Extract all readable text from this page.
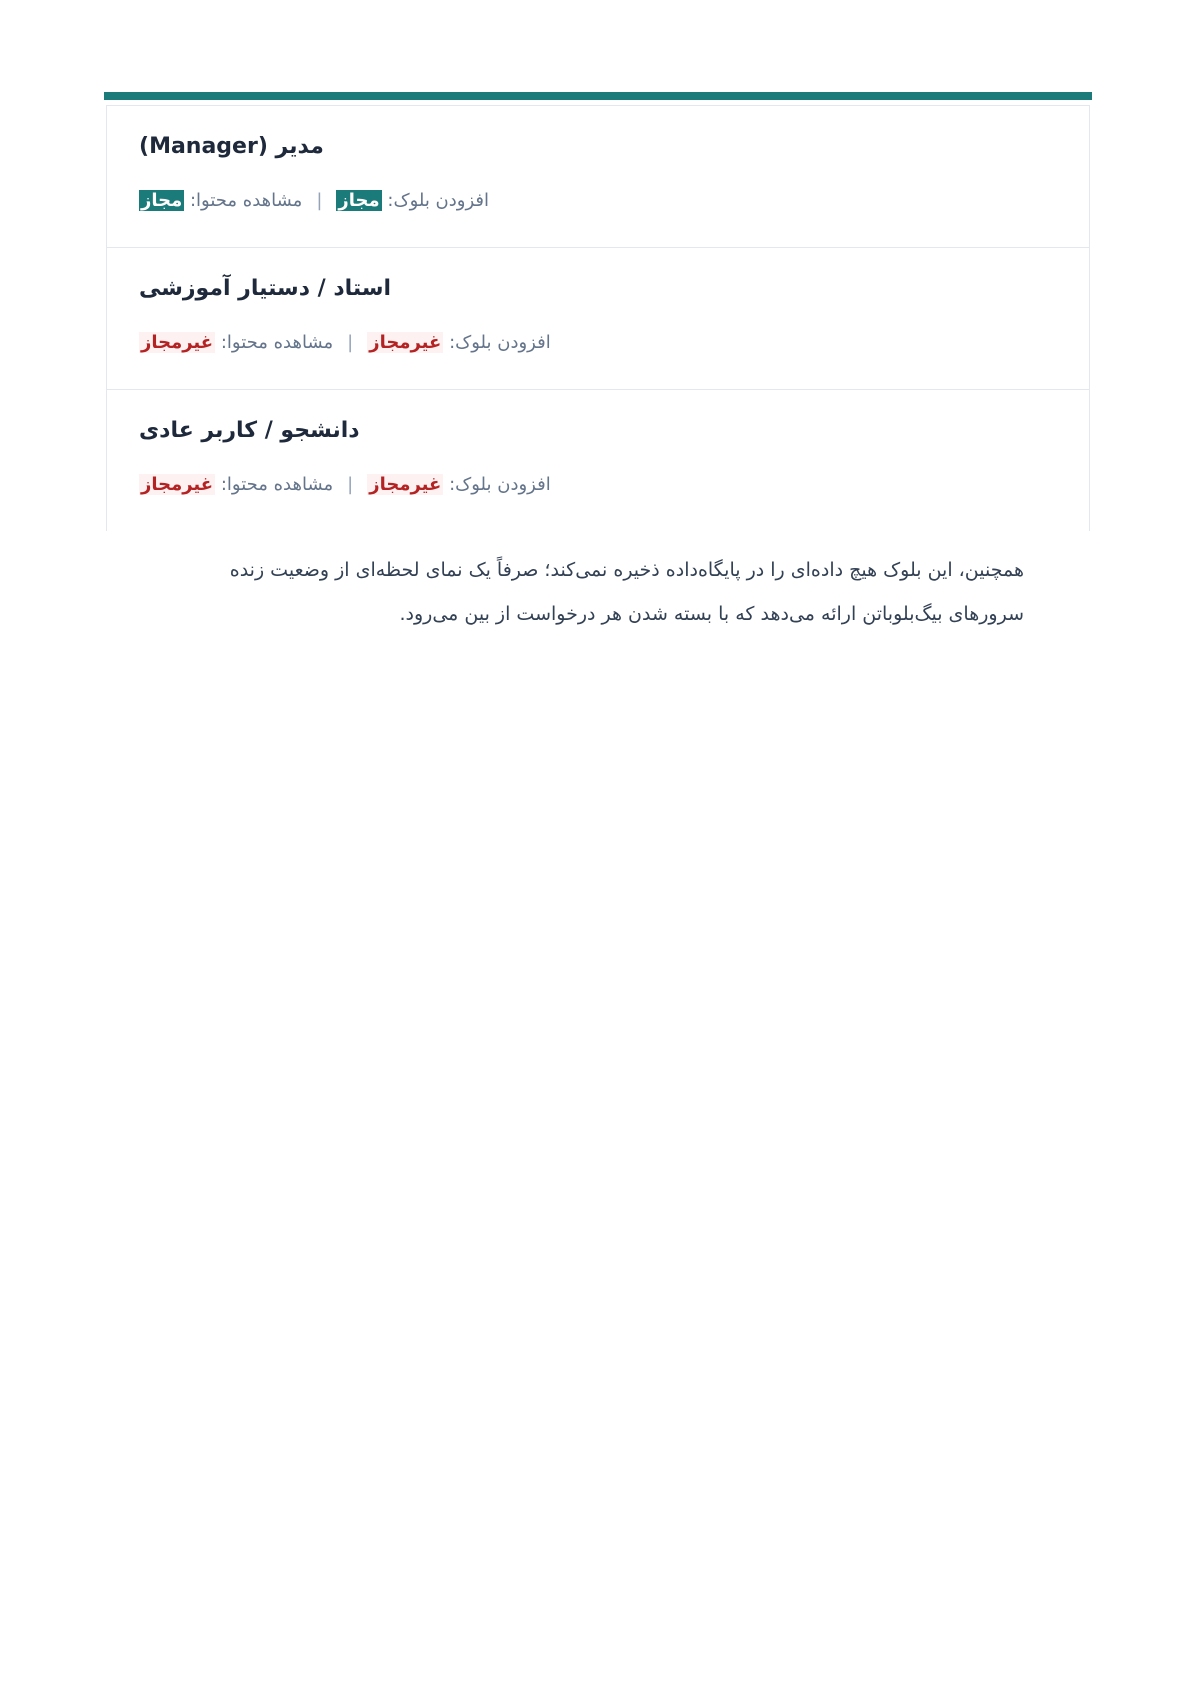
مدیر (Manager)
افزودن بلوک: مجاز|مشاهده محتوا: مجاز
استاد / دستیار آموزشی
افزودن بلوک: غیرمجاز|مشاهده محتوا: غیرمجاز
دانشجو / کاربر عادی
افزودن بلوک: غیرمجاز|مشاهده محتوا: غیرمجاز

همچنین، این بلوک هیچ داده‌ای را در پایگاه‌داده ذخیره نمی‌کند؛ صرفاً یک نمای لحظه‌ای از وضعیت زنده

سرورهای بیگ‌بلوباتن ارائه می‌دهد که با بسته شدن هر درخواست از بین می‌رود.
